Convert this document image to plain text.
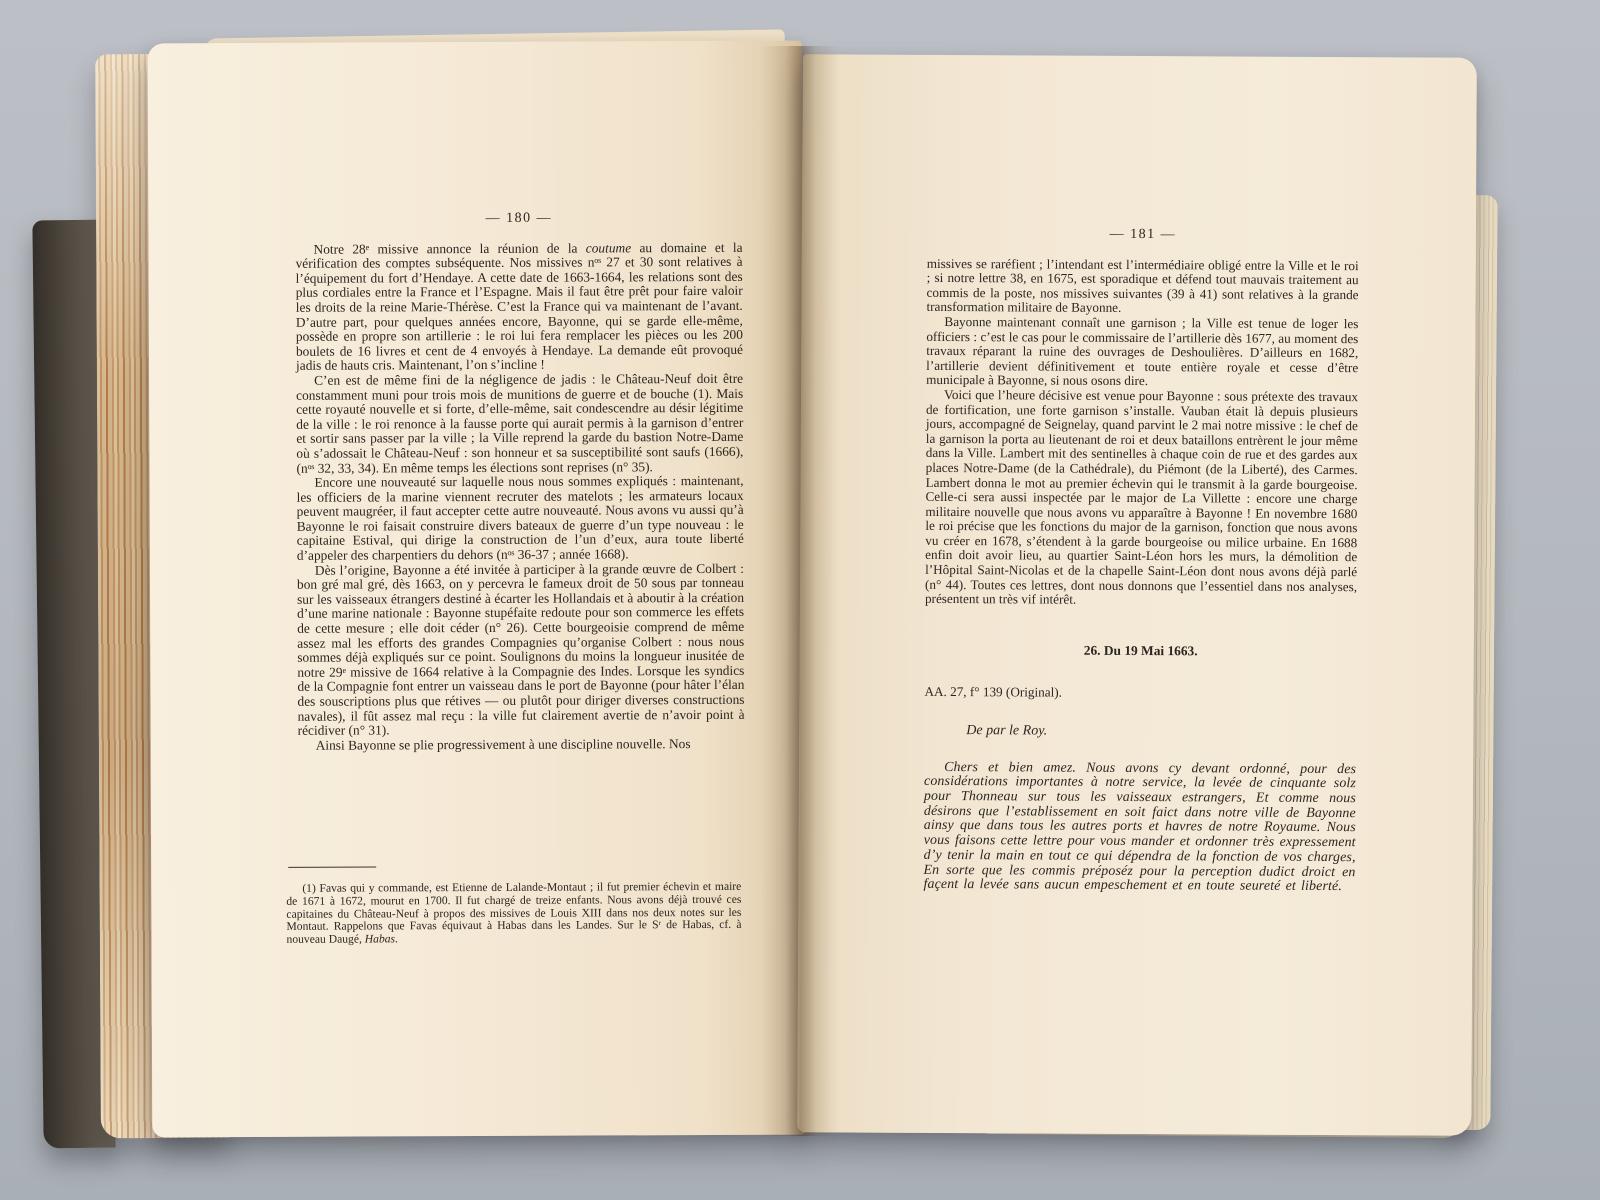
— 180 —

Notre 28ᵉ missive annonce la réunion de la coutume au domaine et la vérification des comptes subséquente. Nos missives nᵒˢ 27 et 30 sont relatives à l’équipement du fort d’Hendaye. A cette date de 1663-1664, les relations sont des plus cordiales entre la France et l’Espagne. Mais il faut être prêt pour faire valoir les droits de la reine Marie-Thérèse. C’est la France qui va maintenant de l’avant. D’autre part, pour quelques années encore, Bayonne, qui se garde elle-même, possède en propre son artillerie : le roi lui fera remplacer les pièces ou les 200 boulets de 16 livres et cent de 4 envoyés à Hendaye. La demande eût provoqué jadis de hauts cris. Maintenant, l’on s’incline !

C’en est de même fini de la négligence de jadis : le Château-Neuf doit être constamment muni pour trois mois de munitions de guerre et de bouche (1). Mais cette royauté nouvelle et si forte, d’elle-même, sait condescendre au désir légitime de la ville : le roi renonce à la fausse porte qui aurait permis à la garnison d’entrer et sortir sans passer par la ville ; la Ville reprend la garde du bastion Notre-Dame où s’adossait le Château-Neuf : son honneur et sa susceptibilité sont saufs (1666), (nᵒˢ 32, 33, 34). En même temps les élections sont reprises (n° 35).

Encore une nouveauté sur laquelle nous nous sommes expliqués : maintenant, les officiers de la marine viennent recruter des matelots ; les armateurs locaux peuvent maugréer, il faut accepter cette autre nouveauté. Nous avons vu aussi qu’à Bayonne le roi faisait construire divers bateaux de guerre d’un type nouveau : le capitaine Estival, qui dirige la construction de l’un d’eux, aura toute liberté d’appeler des charpentiers du dehors (nᵒˢ 36-37 ; année 1668).

Dès l’origine, Bayonne a été invitée à participer à la grande œuvre de Colbert : bon gré mal gré, dès 1663, on y percevra le fameux droit de 50 sous par tonneau sur les vaisseaux étrangers destiné à écarter les Hollandais et à aboutir à la création d’une marine nationale : Bayonne stupéfaite redoute pour son commerce les effets de cette mesure ; elle doit céder (n° 26). Cette bourgeoisie comprend de même assez mal les efforts des grandes Compagnies qu’organise Colbert : nous nous sommes déjà expliqués sur ce point. Soulignons du moins la longueur inusitée de notre 29ᵉ missive de 1664 relative à la Compagnie des Indes. Lorsque les syndics de la Compagnie font entrer un vaisseau dans le port de Bayonne (pour hâter l’élan des souscriptions plus que rétives — ou plutôt pour diriger diverses constructions navales), il fût assez mal reçu : la ville fut clairement avertie de n’avoir point à récidiver (n° 31).

Ainsi Bayonne se plie progressivement à une discipline nouvelle. Nos

(1) Favas qui y commande, est Etienne de Lalande-Montaut ; il fut premier échevin et maire de 1671 à 1672, mourut en 1700. Il fut chargé de treize enfants. Nous avons déjà trouvé ces capitaines du Château-Neuf à propos des missives de Louis XIII dans nos deux notes sur les Montaut. Rappelons que Favas équivaut à Habas dans les Landes. Sur le Sʳ de Habas, cf. à nouveau Daugé, Habas.

— 181 —

missives se raréfient ; l’intendant est l’intermédiaire obligé entre la Ville et le roi ; si notre lettre 38, en 1675, est sporadique et défend tout mauvais traitement au commis de la poste, nos missives suivantes (39 à 41) sont relatives à la grande transformation militaire de Bayonne.

Bayonne maintenant connaît une garnison ; la Ville est tenue de loger les officiers : c’est le cas pour le commissaire de l’artillerie dès 1677, au moment des travaux réparant la ruine des ouvrages de Deshoulières. D’ailleurs en 1682, l’artillerie devient définitivement et toute entière royale et cesse d’être municipale à Bayonne, si nous osons dire.

Voici que l’heure décisive est venue pour Bayonne : sous prétexte des travaux de fortification, une forte garnison s’installe. Vauban était là depuis plusieurs jours, accompagné de Seignelay, quand parvint le 2 mai notre missive : le chef de la garnison la porta au lieutenant de roi et deux bataillons entrèrent le jour même dans la Ville. Lambert mit des sentinelles à chaque coin de rue et des gardes aux places Notre-Dame (de la Cathédrale), du Piémont (de la Liberté), des Carmes. Lambert donna le mot au premier échevin qui le transmit à la garde bourgeoise. Celle-ci sera aussi inspectée par le major de La Villette : encore une charge militaire nouvelle que nous avons vu apparaître à Bayonne ! En novembre 1680 le roi précise que les fonctions du major de la garnison, fonction que nous avons vu créer en 1678, s’étendent à la garde bourgeoise ou milice urbaine. En 1688 enfin doit avoir lieu, au quartier Saint-Léon hors les murs, la démolition de l’Hôpital Saint-Nicolas et de la chapelle Saint-Léon dont nous avons déjà parlé (n° 44). Toutes ces lettres, dont nous donnons que l’essentiel dans nos analyses, présentent un très vif intérêt.

26. Du 19 Mai 1663.

AA. 27, f° 139 (Original).

De par le Roy.

Chers et bien amez. Nous avons cy devant ordonné, pour des considérations importantes à notre service, la levée de cinquante solz pour Thonneau sur tous les vaisseaux estrangers, Et comme nous désirons que l’establissement en soit faict dans notre ville de Bayonne ainsy que dans tous les autres ports et havres de notre Royaume. Nous vous faisons cette lettre pour vous mander et ordonner très expressement d’y tenir la main en tout ce qui dépendra de la fonction de vos charges, En sorte que les commis préposéz pour la perception dudict droict en façent la levée sans aucun empeschement et en toute seureté et liberté.
